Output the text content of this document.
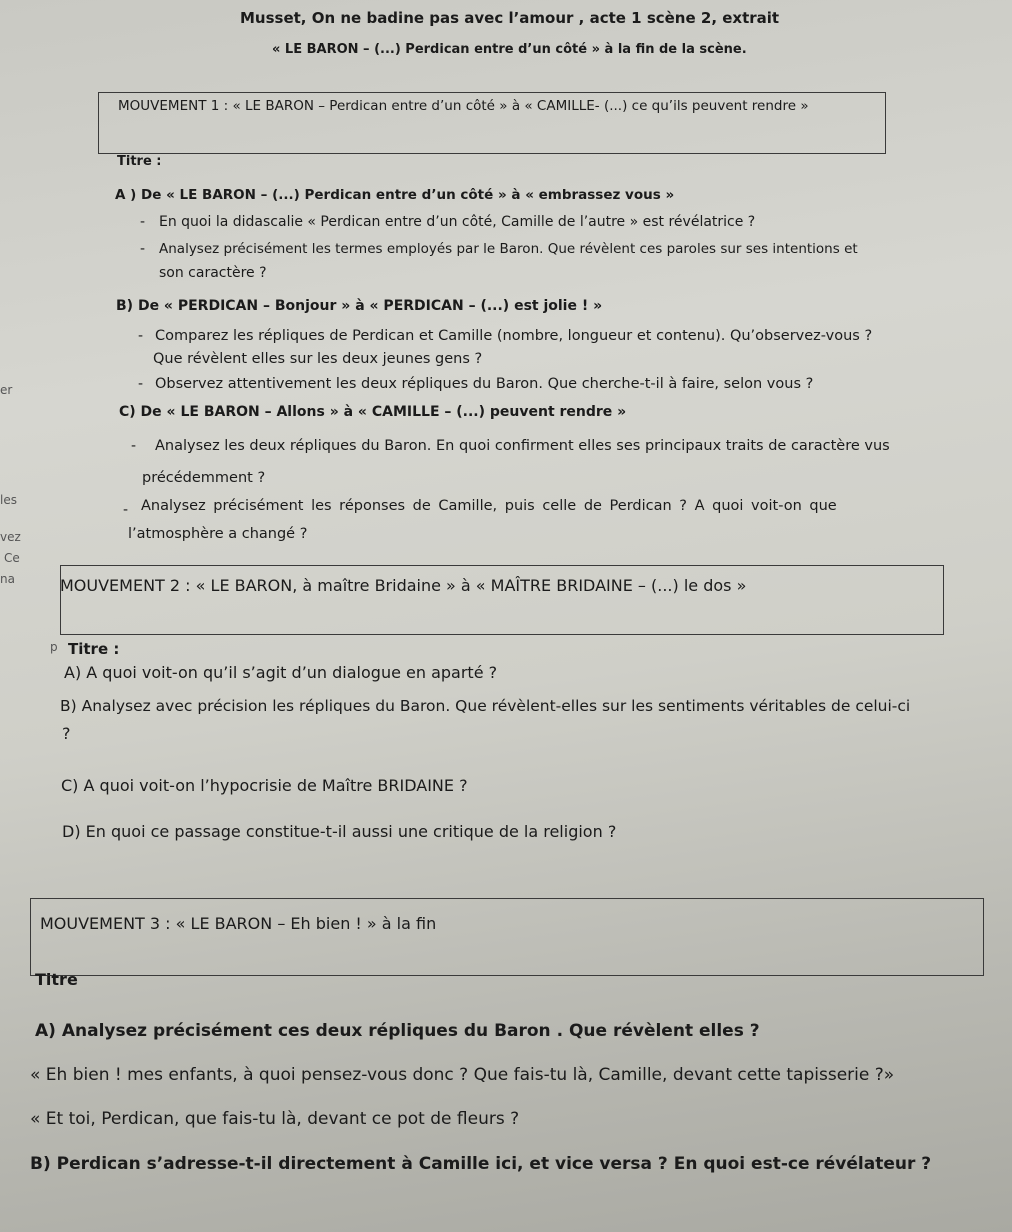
Musset, On ne badine pas avec l’amour , acte 1 scène 2, extrait
« LE BARON – (...) Perdican entre d’un côté » à la fin de la scène.
MOUVEMENT 1 : « LE BARON – Perdican entre d’un côté » à « CAMILLE- (...) ce qu’ils peuvent rendre »
Titre :
A ) De « LE BARON – (...) Perdican entre d’un côté » à « embrassez vous »
- En quoi la didascalie « Perdican entre d’un côté, Camille de l’autre » est révélatrice ?
- Analysez précisément les termes employés par le Baron. Que révèlent ces paroles sur ses intentions et
son caractère ?
B) De « PERDICAN – Bonjour » à « PERDICAN – (...) est jolie ! »
- Comparez les répliques de Perdican et Camille (nombre, longueur et contenu). Qu’observez-vous ?
Que révèlent elles sur les deux jeunes gens ?
- Observez attentivement les deux répliques du Baron. Que cherche-t-il à faire, selon vous ?
C) De « LE BARON – Allons » à « CAMILLE – (...) peuvent rendre »
- Analysez les deux répliques du Baron. En quoi confirment elles ses principaux traits de caractère vus
précédemment ?
- Analysez précisément les réponses de Camille, puis celle de Perdican ? A quoi voit-on que
l’atmosphère a changé ?
er
les
vez
Ce
na
p
MOUVEMENT 2 : « LE BARON, à maître Bridaine » à « MAÎTRE BRIDAINE – (...) le dos »
Titre :
A) A quoi voit-on qu’il s’agit d’un dialogue en aparté ?
B) Analysez avec précision les répliques du Baron. Que révèlent-elles sur les sentiments véritables de celui-ci
?
C) A quoi voit-on l’hypocrisie de Maître BRIDAINE ?
D) En quoi ce passage constitue-t-il aussi une critique de la religion ?
MOUVEMENT 3 : « LE BARON – Eh bien ! » à la fin
Titre
A) Analysez précisément ces deux répliques du Baron . Que révèlent elles ?
« Eh bien ! mes enfants, à quoi pensez-vous donc ? Que fais-tu là, Camille, devant cette tapisserie ?»
« Et toi, Perdican, que fais-tu là, devant ce pot de fleurs ?
B) Perdican s’adresse-t-il directement à Camille ici, et vice versa ? En quoi est-ce révélateur ?
